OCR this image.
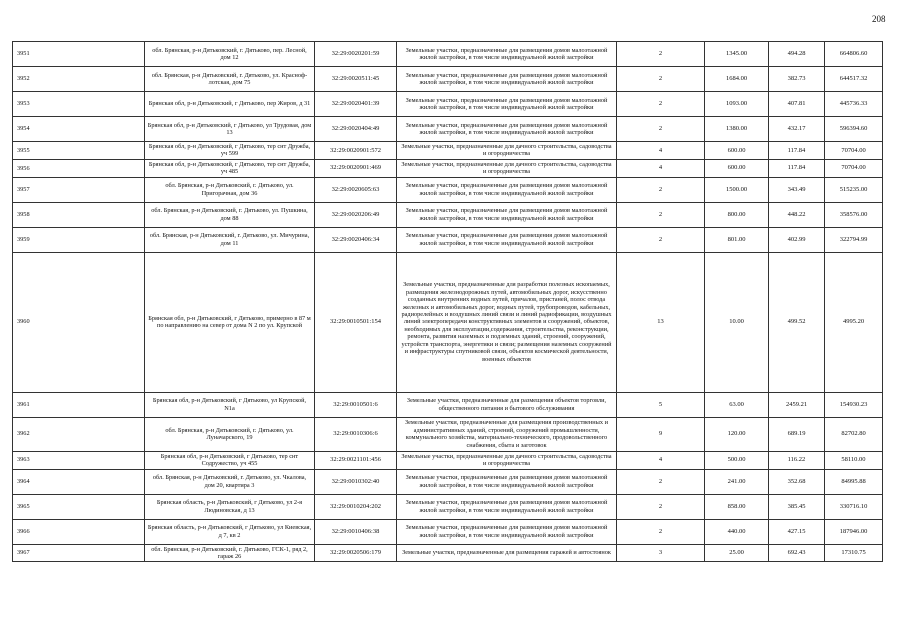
208
3951	обл. Брянская, р-н Дятьковский, г. Дятьково, пер. Лесной, дом 12	32:29:0020201:59	Земельные участки, предназначенные для размещения домов малоэтажной жилой застройки, в том числе индивидуальной жилой застройки	2	1345.00	494.28	664806.60
3952	обл. Брянская, р-н Дятьковский, г. Дятьково, ул. Красноф-лотская, дом 75	32:29:0020511:45	Земельные участки, предназначенные для размещения домов малоэтажной жилой застройки, в том числе индивидуальной жилой застройки	2	1684.00	382.73	644517.32
3953	Брянская обл, р-н Дятьковский, г Дятьково, пер Жиров, д 31	32:29:0020401:39	Земельные участки, предназначенные для размещения домов малоэтажной жилой застройки, в том числе индивидуальной жилой застройки	2	1093.00	407.81	445736.33
3954	Брянская обл, р-н Дятьковский, г Дятьково, ул Трудовая, дом 13	32:29:0020404:49	Земельные участки, предназначенные для размещения домов малоэтажной жилой застройки, в том числе индивидуальной жилой застройки	2	1380.00	432.17	596394.60
3955	Брянская обл, р-н Дятьковский, г Дятьково, тер снт Дружба, уч 599	32:29:0020901:572	Земельные участки, предназначенные для дачного строительства, садоводства и огородничества	4	600.00	117.84	70704.00
3956	Брянская обл, р-н Дятьковский, г Дятьково, тер снт Дружба, уч 485	32:29:0020901:469	Земельные участки, предназначенные для дачного строительства, садоводства и огородничества	4	600.00	117.84	70704.00
3957	обл. Брянская, р-н Дятьковский, г. Дятьково, ул. Пригорачная, дом 36	32:29:0020605:63	Земельные участки, предназначенные для размещения домов малоэтажной жилой застройки, в том числе индивидуальной жилой застройки	2	1500.00	343.49	515235.00
3958	обл. Брянская, р-н Дятьковский, г. Дятьково, ул. Пушкина, дом 88	32:29:0020206:49	Земельные участки, предназначенные для размещения домов малоэтажной жилой застройки, в том числе индивидуальной жилой застройки	2	800.00	448.22	358576.00
3959	обл. Брянская, р-н Дятьковский, г. Дятьково, ул. Мичурина, дом 11	32:29:0020406:34	Земельные участки, предназначенные для размещения домов малоэтажной жилой застройки, в том числе индивидуальной жилой застройки	2	801.00	402.99	322794.99
3960	Брянская обл, р-н Дятьковский, г Дятьково, примерно в 87 м по направлению на север от дома N 2 по ул. Крупской	32:29:0010501:154	Земельные участки, предназначенные для разработки полезных ископаемых, размещения железнодорожных путей, автомобильных дорог, искусственно созданных внутренних водных путей, причалов, пристаней, полос отвода железных и автомобильных дорог, водных путей, трубопроводов, кабельных, радиорелейных и воздушных линий связи и линий радиофикации, воздушных линий электропередачи конструктивных элементов и сооружений, объектов, необходимых для эксплуатации,содержания, строительства, реконструкции, ремонта, развития наземных и подземных зданий, строений, сооружений, устройств транспорта, энергетики и связи; размещения наземных сооружений и инфраструктуры спутниковой связи, объектов космической деятельности, военных объектов	13	10.00	499.52	4995.20
3961	Брянская обл, р-н Дятьковский, г Дятьково, ул Крупской, N1а	32:29:0010501:6	Земельные участки, предназначенные для размещения объектов торговли, общественного питания и бытового обслуживания	5	63.00	2459.21	154930.23
3962	обл. Брянская, р-н Дятьковский, г. Дятьково, ул. Луначарского, 19	32:29:0010306:6	Земельные участки, предназначенные для размещения производственных и административных зданий, строений, сооружений промышленности, коммунального хозяйства, материально-технического, продовольственного снабжения, сбыта и заготовок	9	120.00	689.19	82702.80
3963	Брянская обл, р-н Дятьковский, г Дятьково, тер снт Содружество, уч 455	32:29:0021101:456	Земельные участки, предназначенные для дачного строительства, садоводства и огородничества	4	500.00	116.22	58110.00
3964	обл. Брянская, р-н Дятьковский, г. Дятьково, ул. Чкалова, дом 20, квартира 3	32:29:0010302:40	Земельные участки, предназначенные для размещения домов малоэтажной жилой застройки, в том числе индивидуальной жилой застройки	2	241.00	352.68	84995.88
3965	Брянская область, р-н Дятьковский, г Дятьково, ул 2-я Людиновская, д 13	32:29:0010204:202	Земельные участки, предназначенные для размещения домов малоэтажной жилой застройки, в том числе индивидуальной жилой застройки	2	858.00	385.45	330716.10
3966	Брянская область, р-н Дятьковский, г Дятьково, ул Киевская, д 7, кв 2	32:29:0010406:38	Земельные участки, предназначенные для размещения домов малоэтажной жилой застройки, в том числе индивидуальной жилой застройки	2	440.00	427.15	187946.00
3967	обл. Брянская, р-н Дятьковский, г. Дятьково, ГСК-1, ряд 2, гараж 26	32:29:0020506:179	Земельные участки, предназначенные для размещения гаражей и автостоянок	3	25.00	692.43	17310.75
